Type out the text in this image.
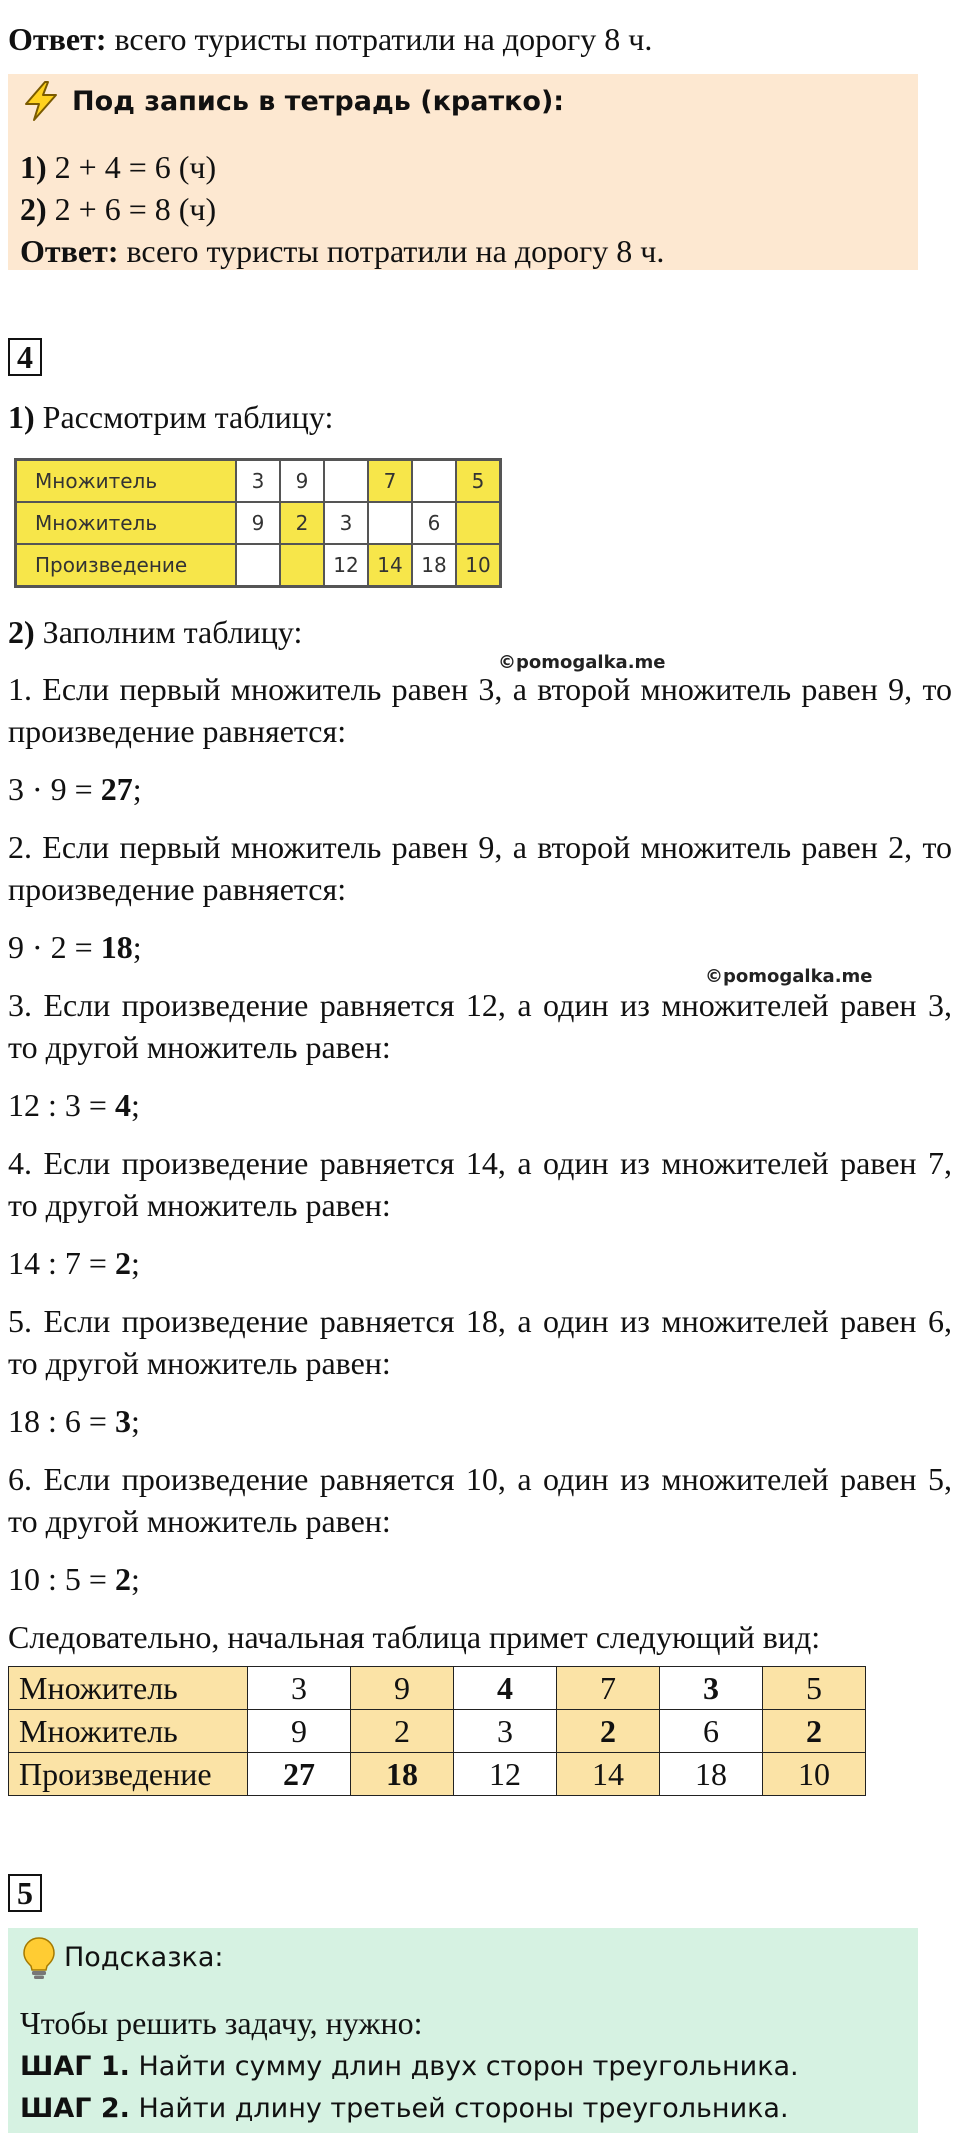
Ответ: всего туристы потратили на дорогу 8 ч.
Под запись в тетрадь (кратко):
1) 2 + 4 = 6 (ч)
2) 2 + 6 = 8 (ч)
Ответ: всего туристы потратили на дорогу 8 ч.
4
1) Рассмотрим таблицу:
Множитель	3	9		7		5
Множитель	9	2	3		6	
Произведение			12	14	18	10
2) Заполним таблицу:
©pomogalka.me
1. Если первый множитель равен 3, а второй множитель равен 9, то произведение равняется:
3 · 9 = 27;
2. Если первый множитель равен 9, а второй множитель равен 2, то произведение равняется:
9 · 2 = 18;
©pomogalka.me
3. Если произведение равняется 12, а один из множителей равен 3, то другой множитель равен:
12 : 3 = 4;
4. Если произведение равняется 14, а один из множителей равен 7, то другой множитель равен:
14 : 7 = 2;
5. Если произведение равняется 18, а один из множителей равен 6, то другой множитель равен:
18 : 6 = 3;
6. Если произведение равняется 10, а один из множителей равен 5, то другой множитель равен:
10 : 5 = 2;
Следовательно, начальная таблица примет следующий вид:
Множитель	3	9	4	7	3	5
Множитель	9	2	3	2	6	2
Произведение	27	18	12	14	18	10
5
Подсказка:
Чтобы решить задачу, нужно:
ШАГ 1. Найти сумму длин двух сторон треугольника.
ШАГ 2. Найти длину третьей стороны треугольника.
